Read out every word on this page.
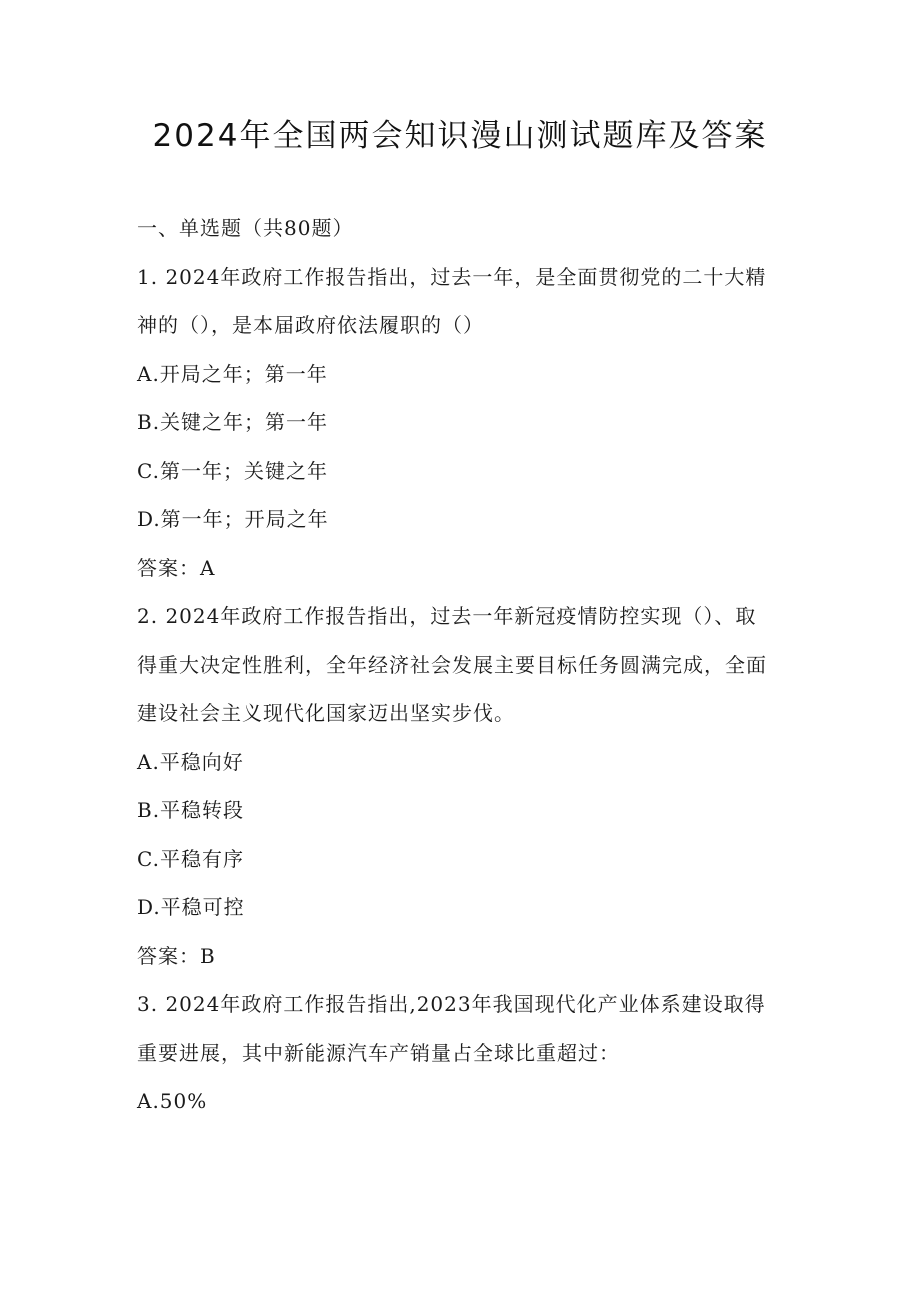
2024年全国两会知识漫山测试题库及答案
一、单选题（共80题）
1. 2024年政府工作报告指出，过去一年，是全面贯彻党的二十大精
神的（），是本届政府依法履职的（）
A.开局之年；第一年
B.关键之年；第一年
C.第一年；关键之年
D.第一年；开局之年
答案：A
2. 2024年政府工作报告指出，过去一年新冠疫情防控实现（）、取
得重大决定性胜利，全年经济社会发展主要目标任务圆满完成，全面
建设社会主义现代化国家迈出坚实步伐。
A.平稳向好
B.平稳转段
C.平稳有序
D.平稳可控
答案：B
3. 2024年政府工作报告指出,2023年我国现代化产业体系建设取得
重要进展，其中新能源汽车产销量占全球比重超过：
A.50%
